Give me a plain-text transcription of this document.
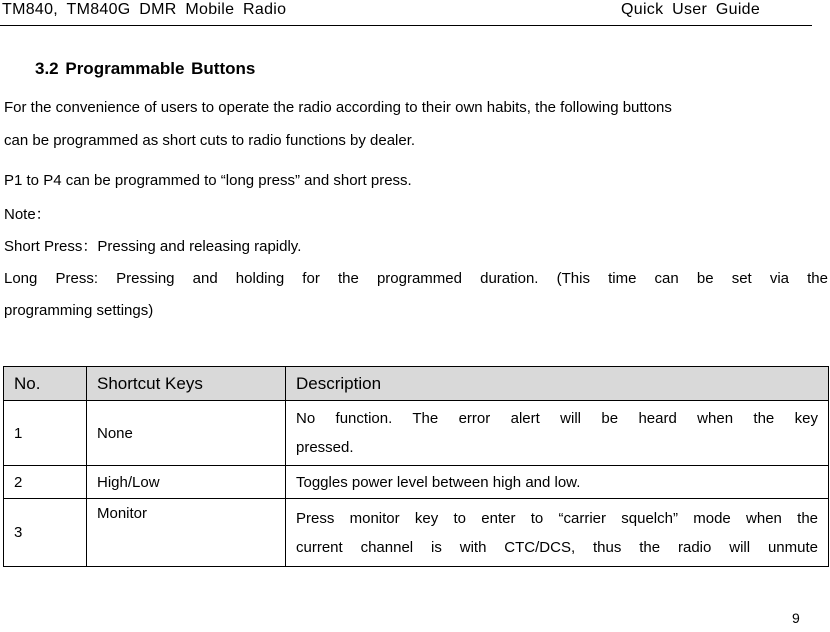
TM840, TM840G DMR Mobile Radio	Quick User Guide
3.2 Programmable Buttons
For the convenience of users to operate the radio according to their own habits, the following buttons
can be programmed as short cuts to radio functions by dealer.
P1 to P4 can be programmed to “long press” and short press.
Note：
Short Press：Pressing and releasing rapidly.
Long Press: Pressing and holding for the programmed duration. (This time can be set via the
programming settings)
No.	Shortcut Keys	Description
1	None	No function. The error alert will be heard when the key
pressed.
2	High/Low	Toggles power level between high and low.
3	Monitor	Press monitor key to enter to “carrier squelch” mode when the
current channel is with CTC/DCS, thus the radio will unmute
9
